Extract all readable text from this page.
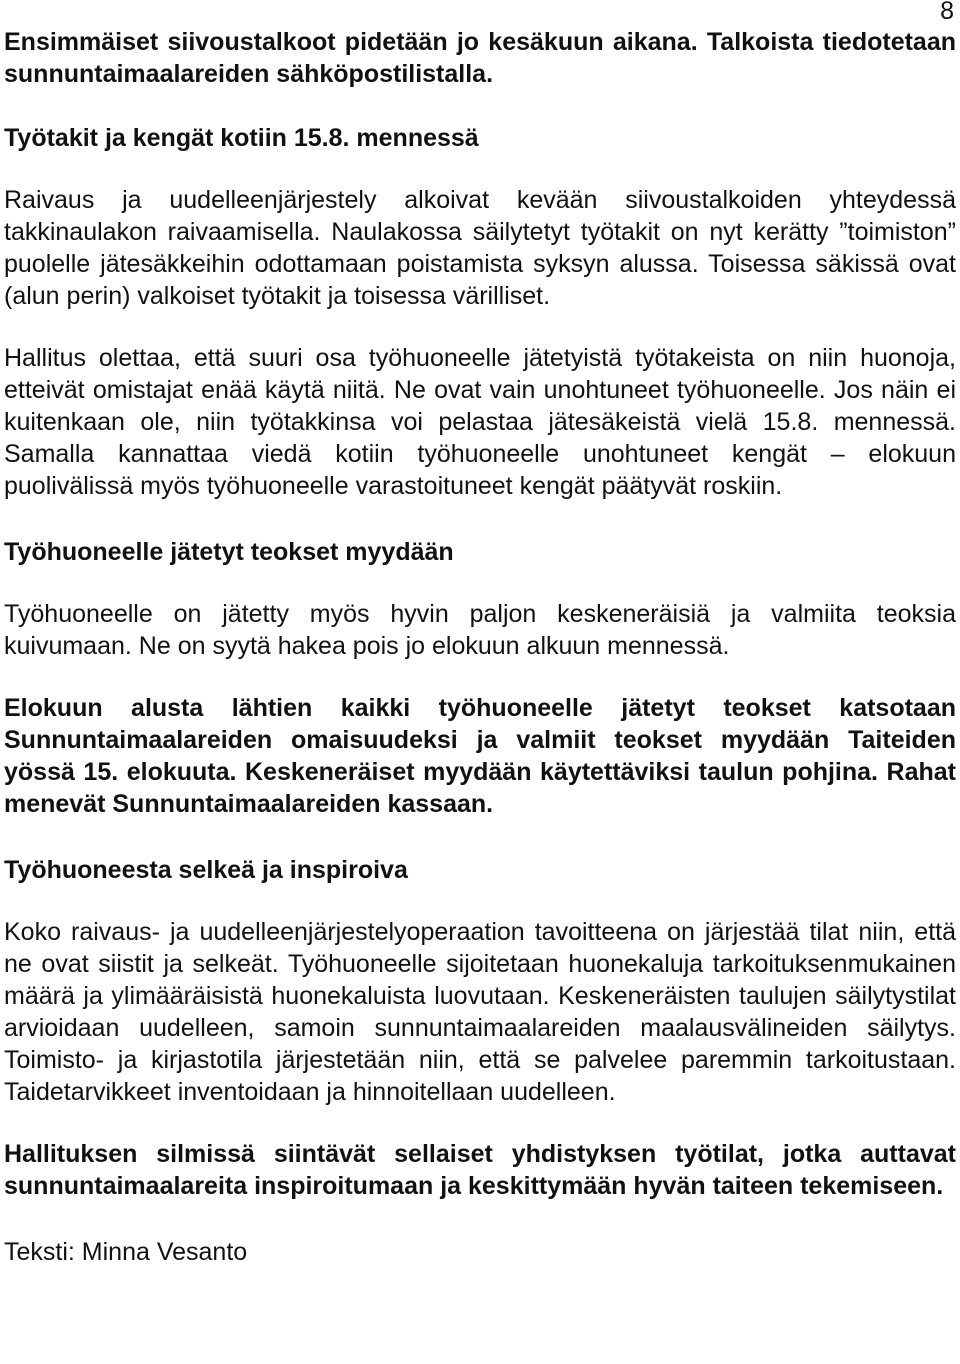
8

Ensimmäiset siivoustalkoot pidetään jo kesäkuun aikana. Talkoista tiedotetaan sunnuntaimaalareiden sähköpostilistalla.

Työtakit ja kengät kotiin 15.8. mennessä

Raivaus ja uudelleenjärjestely alkoivat kevään siivoustalkoiden yhteydessä takkinaulakon raivaamisella. Naulakossa säilytetyt työtakit on nyt kerätty ”toimiston” puolelle jätesäkkeihin odottamaan poistamista syksyn alussa. Toisessa säkissä ovat (alun perin) valkoiset työtakit ja toisessa värilliset.

Hallitus olettaa, että suuri osa työhuoneelle jätetyistä työtakeista on niin huonoja, etteivät omistajat enää käytä niitä. Ne ovat vain unohtuneet työhuoneelle. Jos näin ei kuitenkaan ole, niin työtakkinsa voi pelastaa jätesäkeistä vielä 15.8. mennessä. Samalla kannattaa viedä kotiin työhuoneelle unohtuneet kengät – elokuun puolivälissä myös työhuoneelle varastoituneet kengät päätyvät roskiin.

Työhuoneelle jätetyt teokset myydään

Työhuoneelle on jätetty myös hyvin paljon keskeneräisiä ja valmiita teoksia kuivumaan. Ne on syytä hakea pois jo elokuun alkuun mennessä.

Elokuun alusta lähtien kaikki työhuoneelle jätetyt teokset katsotaan Sunnuntaimaalareiden omaisuudeksi ja valmiit teokset myydään Taiteiden yössä 15. elokuuta. Keskeneräiset myydään käytettäviksi taulun pohjina. Rahat menevät Sunnuntaimaalareiden kassaan.

Työhuoneesta selkeä ja inspiroiva

Koko raivaus- ja uudelleenjärjestelyoperaation tavoitteena on järjestää tilat niin, että ne ovat siistit ja selkeät. Työhuoneelle sijoitetaan huonekaluja tarkoituksenmukainen määrä ja ylimääräisistä huonekaluista luovutaan. Keskeneräisten taulujen säilytystilat arvioidaan uudelleen, samoin sunnuntaimaalareiden maalausvälineiden säilytys. Toimisto- ja kirjastotila järjestetään niin, että se palvelee paremmin tarkoitustaan. Taidetarvikkeet inventoidaan ja hinnoitellaan uudelleen.

Hallituksen silmissä siintävät sellaiset yhdistyksen työtilat, jotka auttavat sunnuntaimaalareita inspiroitumaan ja keskittymään hyvän taiteen tekemiseen.

Teksti: Minna Vesanto
